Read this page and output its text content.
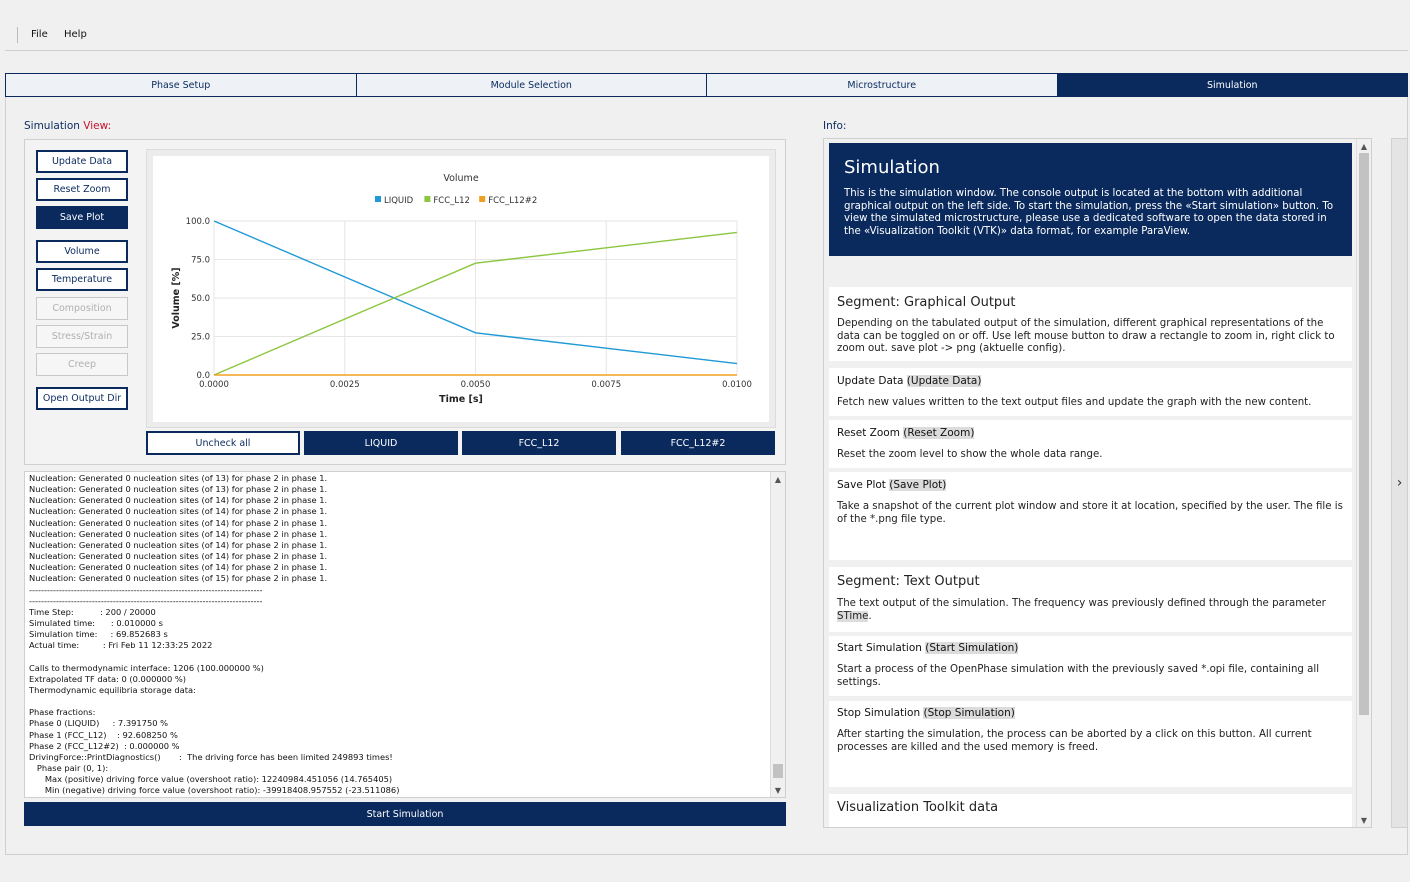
File Help
Phase Setup	Module Selection	Microstructure	Simulation
Simulation View:
Update Data
Reset Zoom
Save Plot
Volume
Temperature
Composition
Stress/Strain
Creep
Open Output Dir
Volume
LIQUID FCC_L12 FCC_L12#2
0.0
25.0
50.0
75.0
100.0
0.0000	0.0025	0.0050	0.0075	0.0100
Time [s]
Volume [%]
Uncheck all	LIQUID	FCC_L12	FCC_L12#2
Nucleation: Generated 0 nucleation sites (of 13) for phase 2 in phase 1.
Nucleation: Generated 0 nucleation sites (of 13) for phase 2 in phase 1.
Nucleation: Generated 0 nucleation sites (of 14) for phase 2 in phase 1.
Nucleation: Generated 0 nucleation sites (of 14) for phase 2 in phase 1.
Nucleation: Generated 0 nucleation sites (of 14) for phase 2 in phase 1.
Nucleation: Generated 0 nucleation sites (of 14) for phase 2 in phase 1.
Nucleation: Generated 0 nucleation sites (of 14) for phase 2 in phase 1.
Nucleation: Generated 0 nucleation sites (of 14) for phase 2 in phase 1.
Nucleation: Generated 0 nucleation sites (of 14) for phase 2 in phase 1.
Nucleation: Generated 0 nucleation sites (of 15) for phase 2 in phase 1.
------------------------------------------------------------------------------
------------------------------------------------------------------------------
Time Step:          : 200 / 20000
Simulated time:      : 0.010000 s
Simulation time:     : 69.852683 s
Actual time:         : Fri Feb 11 12:33:25 2022

Calls to thermodynamic interface: 1206 (100.000000 %)
Extrapolated TF data: 0 (0.000000 %)
Thermodynamic equilibria storage data:

Phase fractions:
Phase 0 (LIQUID)     : 7.391750 %
Phase 1 (FCC_L12)    : 92.608250 %
Phase 2 (FCC_L12#2)  : 0.000000 %
DrivingForce::PrintDiagnostics()       :  The driving force has been limited 249893 times!
Phase pair (0, 1):
Max (positive) driving force value (overshoot ratio): 12240984.451056 (14.765405)
Min (negative) driving force value (overshoot ratio): -39918408.957552 (-23.511086)
▲
▼
Start Simulation
Info:
Simulation

This is the simulation window. The console output is located at the bottom with additional graphical output on the left side. To start the simulation, press the «Start simulation» button. To view the simulated microstructure, please use a dedicated software to open the data stored in the «Visualization Toolkit (VTK)» data format, for example ParaView.

Segment: Graphical Output

Depending on the tabulated output of the simulation, different graphical representations of the data can be toggled on or off. Use left mouse button to draw a rectangle to zoom in, right click to zoom out. save plot -> png (aktuelle config).

Update Data (Update Data)

Fetch new values written to the text output files and update the graph with the new content.

Reset Zoom (Reset Zoom)

Reset the zoom level to show the whole data range.

Save Plot (Save Plot)

Take a snapshot of the current plot window and store it at location, specified by the user. The file is of the *.png file type.

Segment: Text Output

The text output of the simulation. The frequency was previously defined through the parameter STime.

Start Simulation (Start Simulation)

Start a process of the OpenPhase simulation with the previously saved *.opi file, containing all settings.

Stop Simulation (Stop Simulation)

After starting the simulation, the process can be aborted by a click on this button. All current processes are killed and the used memory is freed.

Visualization Toolkit data
▲
▼
›
